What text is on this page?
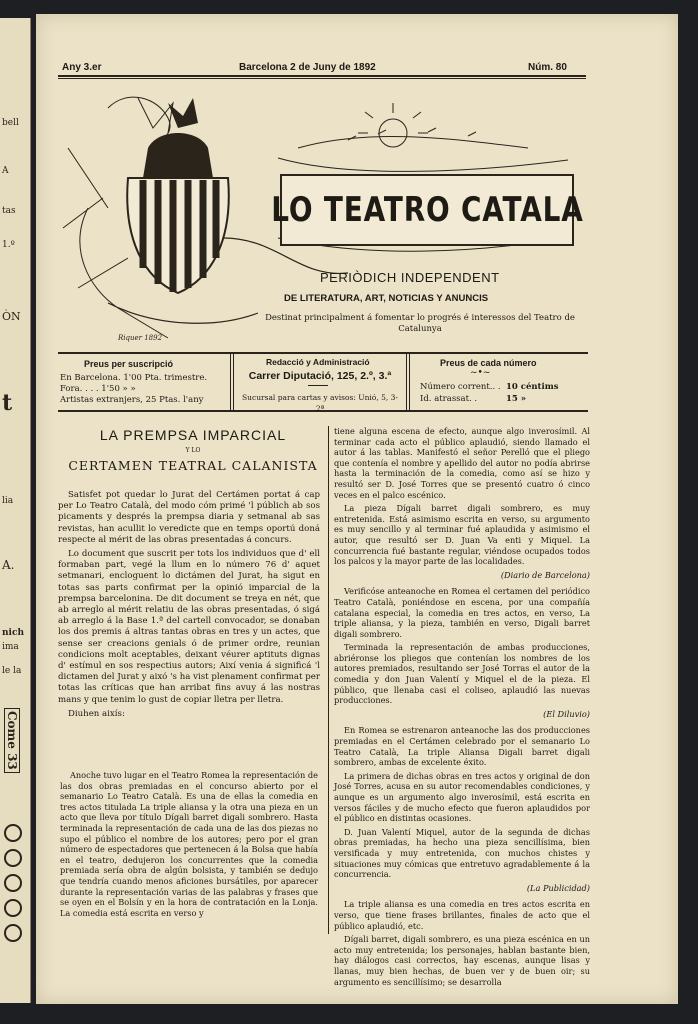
bell
A
tas
1.º
ÒN
t
lia
A.
nich
ima
le la
Come 33
Any 3.er	Barcelona 2 de Juny de 1892	Núm. 80
Riquer 1892
LO TEATRO CATALA
PERIÒDICH INDEPENDENT
DE LITERATURA, ART, NOTICIAS Y ANUNCIS
Destinat principalment á fomentar lo progrés é interessos del Teatro de Catalunya
Preus per suscripció
En Barcelona. 1'00 Pta. trimestre.
Fora. . . . 1'50 » »
Artistas extranjers, 25 Ptas. l'any
Redacció y Administració
Carrer Diputació, 125, 2.º, 3.ª
Sucursal para cartas y avisos: Unió, 5, 3-2ª
Preus de cada número
~•~
Número corrent.. . 10 céntims
Id. atrassat. .	15 »
LA PREMPSA IMPARCIAL
Y LO
CERTAMEN TEATRAL CALANISTA

Satisfet pot quedar lo Jurat del Certámen portat á cap per Lo Teatro Català, del modo cóm primé 'l públich ab sos picaments y després la prempsa diaria y setmanal ab sas revistas, han acullit lo veredicte que en temps oportú doná respecte al mérit de las obras presentadas á concurs.

Lo document que suscrit per tots los individuos que d' ell formaban part, vegé la llum en lo número 76 d' aquet setmanari, encloguent lo dictámen del Jurat, ha sigut en totas sas parts confirmat per la opinió imparcial de la prempsa barcelonina. De dit document se treya en nét, que ab arreglo al mérit relatiu de las obras presentadas, ó sigá ab arreglo á la Base 1.ª del cartell convocador, se donaban los dos premis á altras tantas obras en tres y un actes, que sense ser creacions genials ó de primer ordre, reunian condicions molt aceptables, deixant véurer aptituts dignas d' estímul en sos respectius autors; Així venia á significá 'l dictamen del Jurat y aixó 's ha vist plenament confirmat per totas las críticas que han arribat fins avuy á las nostras mans y que tenim lo gust de copiar lletra per lletra.

Diuhen aixís:

Anoche tuvo lugar en el Teatro Romea la representación de las dos obras premiadas en el concurso abierto por el semanario Lo Teatro Català. Es una de ellas la comedia en tres actos titulada La triple aliansa y la otra una pieza en un acto que lleva por título Dígali barret digali sombrero. Hasta terminada la representación de cada una de las dos piezas no supo el público el nombre de los autores; pero por el gran número de espectadores que pertenecen á la Bolsa que había en el teatro, dedujeron los concurrentes que la comedia premiada sería obra de algún bolsista, y también se dedujo que tendría cuando menos aficiones bursátiles, por aparecer durante la representación varias de las palabras y frases que se oyen en el Bolsín y en la hora de contratación en la Lonja. La comedia está escrita en verso y

tiene alguna escena de efecto, aunque algo inverosímil. Al terminar cada acto el público aplaudió, siendo llamado el autor á las tablas. Manifestó el señor Perelló que el pliego que contenía el nombre y apellido del autor no podía abrirse hasta la terminación de la comedia, como así se hizo y resultó ser D. José Torres que se presentó cuatro ó cinco veces en el palco escénico.

La pieza Dígali barret digali sombrero, es muy entretenida. Está asimismo escrita en verso, su argumento es muy sencillo y al terminar fué aplaudida y asimismo el autor, que resultó ser D. Juan Va enti y Miquel. La concurrencia fué bastante regular, viéndose ocupados todos los palcos y la mayor parte de las localidades.

(Diario de Barcelona)

Verificóse anteanoche en Romea el certamen del periódico Teatro Català, poniéndose en escena, por una compañía catalana especial, la comedia en tres actos, en verso, La triple aliansa, y la pieza, también en verso, Digali barret digali sombrero.

Terminada la representación de ambas producciones, abriéronse los pliegos que contenían los nombres de los autores premiados, resultando ser José Torras el autor de la comedia y don Juan Valentí y Miquel el de la pieza. El público, que llenaba casi el coliseo, aplaudió las nuevas producciones.

(El Diluvio)

En Romea se estrenaron anteanoche las dos producciones premiadas en el Certámen celebrado por el semanario Lo Teatro Català, La triple Aliansa Digali barret digali sombrero, ambas de excelente éxito.

La primera de dichas obras en tres actos y original de don José Torres, acusa en su autor recomendables condiciones, y aunque es un argumento algo inverosímil, está escrita en versos fáciles y de mucho efecto que fueron aplaudidos por el público en distintas ocasiones.

D. Juan Valentí Miquel, autor de la segunda de dichas obras premiadas, ha hecho una pieza sencillísima, bien versificada y muy entretenida, con muchos chistes y situaciones muy cómicas que entretuvo agradablemente á la concurrencia.

(La Publicidad)

La triple aliansa es una comedia en tres actos escrita en verso, que tiene frases brillantes, finales de acto que el público aplaudió, etc.

Dígali barret, digali sombrero, es una pieza escénica en un acto muy entretenida; los personajes, hablan bastante bien, hay diálogos casi correctos, hay escenas, aunque lisas y llanas, muy bien hechas, de buen ver y de buen oir; su argumento es sencillísimo; se desarrolla
